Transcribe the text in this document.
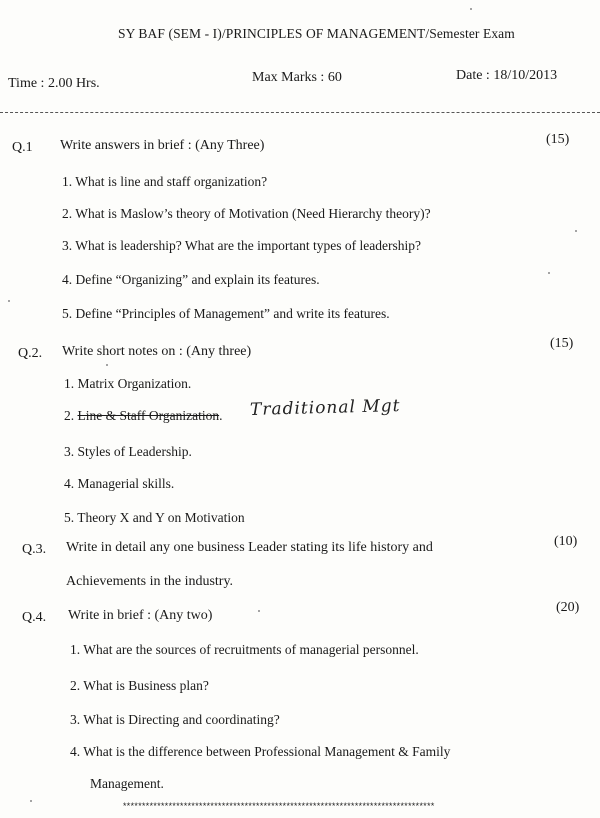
SY BAF (SEM - I)/PRINCIPLES OF MANAGEMENT/Semester Exam
Time : 2.00 Hrs.	Max Marks : 60	Date : 18/10/2013
Q.1 Write answers in brief : (Any Three)	(15)
1. What is line and staff organization?
2. What is Maslow’s theory of Motivation (Need Hierarchy theory)?
3. What is leadership? What are the important types of leadership?
4. Define “Organizing” and explain its features.
5. Define “Principles of Management” and write its features.
Q.2. Write short notes on : (Any three)
(15)
1. Matrix Organization.
2. Line & Staff Organization. Traditional Mgt
3. Styles of Leadership.
4. Managerial skills.
5. Theory X and Y on Motivation
Q.3. Write in detail any one business Leader stating its life history and	(10)
Achievements in the industry.
Q.4. Write in brief : (Any two)
(20)
1. What are the sources of recruitments of managerial personnel.
2. What is Business plan?
3. What is Directing and coordinating?
4. What is the difference between Professional Management & Family
Management.
**********************************************************************************
